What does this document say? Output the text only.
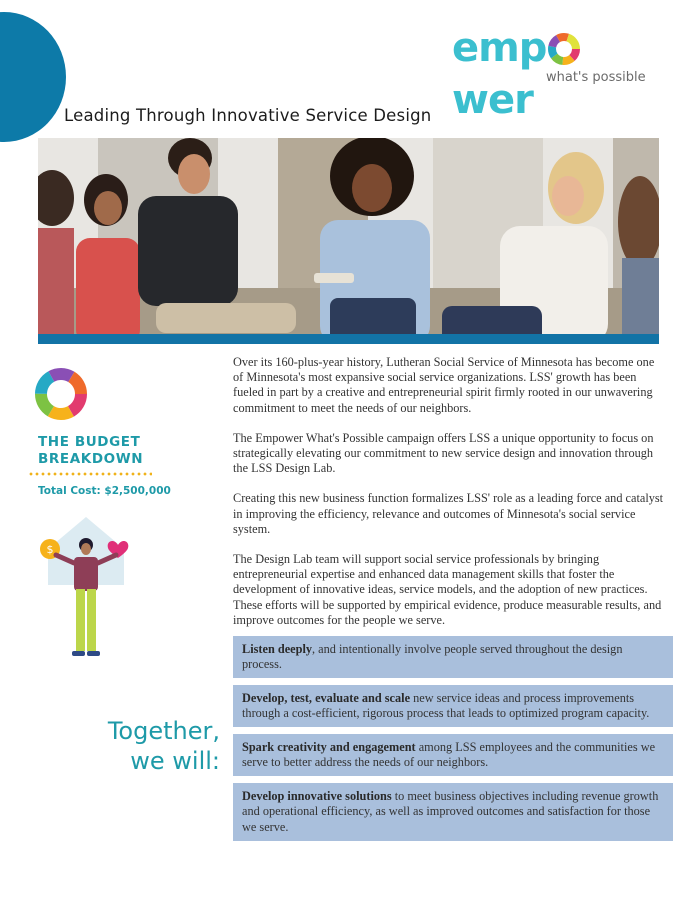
empwer	what's possible
Leading Through Innovative Service Design
THE BUDGET
BREAKDOWN
Total Cost: $2,500,000
$

Over its 160-plus-year history, Lutheran Social Service of Minnesota has become one of Minnesota's most expansive social service organizations. LSS' growth has been fueled in part by a creative and entrepreneurial spirit firmly rooted in our unwavering commitment to meet the needs of our neighbors.

The Empower What's Possible campaign offers LSS a unique opportunity to focus on strategically elevating our commitment to new service design and innovation through the LSS Design Lab.

Creating this new business function formalizes LSS' role as a leading force and catalyst in improving the efficiency, relevance and outcomes of Minnesota's social service system.

The Design Lab team will support social service professionals by bringing entrepreneurial expertise and enhanced data management skills that foster the development of innovative ideas, service models, and the adoption of new practices. These efforts will be supported by empirical evidence, produce measurable results, and improve outcomes for the people we serve.

Together,
we will:
Listen deeply, and intentionally involve people served throughout the design process.
Develop, test, evaluate and scale new service ideas and process improvements through a cost-efficient, rigorous process that leads to optimized program capacity.
Spark creativity and engagement among LSS employees and the communities we serve to better address the needs of our neighbors.
Develop innovative solutions to meet business objectives including revenue growth and operational efficiency, as well as improved outcomes and satisfaction for those we serve.
